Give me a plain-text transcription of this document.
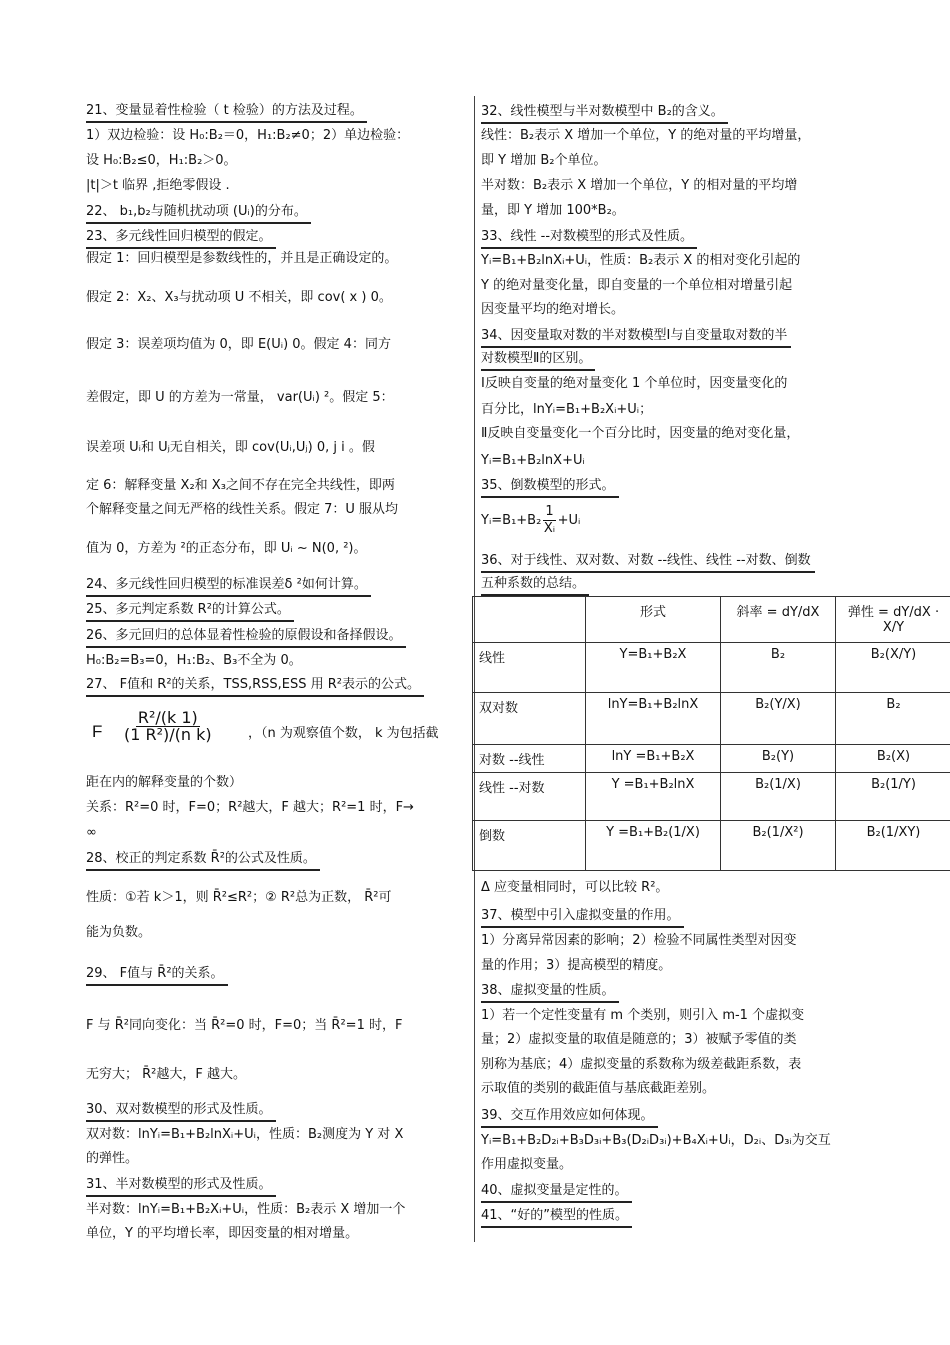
21、变量显着性检验（ t 检验）的方法及过程。
1）双边检验：设 H₀:B₂＝0，H₁:B₂≠0；2）单边检验：
设 H₀:B₂≤0，H₁:B₂＞0。
|t|＞t 临界 ,拒绝零假设 .
22、 b₁,b₂与随机扰动项 (Uᵢ)的分布。
23、多元线性回归模型的假定。
假定 1：回归模型是参数线性的，并且是正确设定的。
假定 2：X₂、X₃与扰动项 U 不相关，即 cov( x ) 0。
假定 3：误差项均值为 0，即 E(Uᵢ) 0。假定 4：同方
差假定，即 U 的方差为一常量， var(Uᵢ) ²。假定 5：
误差项 Uᵢ和 Uⱼ无自相关，即 cov(Uᵢ,Uⱼ) 0, j i 。假
定 6：解释变量 X₂和 X₃之间不存在完全共线性，即两
个解释变量之间无严格的线性关系。假定 7：U 服从均
值为 0，方差为 ²的正态分布，即 Uᵢ ~ N(0, ²)。
24、多元线性回归模型的标准误差δ ²如何计算。
25、多元判定系数 R²的计算公式。
26、多元回归的总体显着性检验的原假设和备择假设。
H₀:B₂=B₃=0，H₁:B₂、B₃不全为 0。
27、 F值和 R²的关系，TSS,RSS,ESS 用 R²表示的公式。
距在内的解释变量的个数）
关系：R²=0 时，F=0；R²越大，F 越大；R²=1 时，F→
∞
28、校正的判定系数 R̄²的公式及性质。
性质：①若 k＞1，则 R̄²≤R²；② R²总为正数， R̄²可
能为负数。
29、 F值与 R̄²的关系。
F 与 R̄²同向变化：当 R̄²=0 时，F=0；当 R̄²=1 时，F
无穷大； R̄²越大，F 越大。
30、双对数模型的形式及性质。
双对数：lnYᵢ=B₁+B₂lnXᵢ+Uᵢ，性质：B₂测度为 Y 对 X
的弹性。
31、半对数模型的形式及性质。
半对数：lnYᵢ=B₁+B₂Xᵢ+Uᵢ，性质：B₂表示 X 增加一个
单位，Y 的平均增长率，即因变量的相对增量。
32、线性模型与半对数模型中 B₂的含义。
线性：B₂表示 X 增加一个单位，Y 的绝对量的平均增量，
即 Y 增加 B₂个单位。
半对数：B₂表示 X 增加一个单位，Y 的相对量的平均增
量，即 Y 增加 100*B₂。
33、线性 --对数模型的形式及性质。
Yᵢ=B₁+B₂lnXᵢ+Uᵢ，性质：B₂表示 X 的相对变化引起的
Y 的绝对量变化量，即自变量的一个单位相对增量引起
因变量平均的绝对增长。
34、因变量取对数的半对数模型Ⅰ与自变量取对数的半
对数模型Ⅱ的区别。
Ⅰ反映自变量的绝对量变化 1 个单位时，因变量变化的
百分比，lnYᵢ=B₁+B₂Xᵢ+Uᵢ；
Ⅱ反映自变量变化一个百分比时，因变量的绝对变化量，
Yᵢ=B₁+B₂lnX+Uᵢ
35、倒数模型的形式。
36、对于线性、双对数、对数 --线性、线性 --对数、倒数
五种系数的总结。
Δ 应变量相同时，可以比较 R²。
37、模型中引入虚拟变量的作用。
1）分离异常因素的影响；2）检验不同属性类型对因变
量的作用；3）提高模型的精度。
38、虚拟变量的性质。
1）若一个定性变量有 m 个类别，则引入 m-1 个虚拟变
量；2）虚拟变量的取值是随意的；3）被赋予零值的类
别称为基底；4）虚拟变量的系数称为级差截距系数，表
示取值的类别的截距值与基底截距差别。
39、交互作用效应如何体现。
Yᵢ=B₁+B₂D₂ᵢ+B₃D₃ᵢ+B₃(D₂ᵢD₃ᵢ)+B₄Xᵢ+Uᵢ，D₂ᵢ、D₃ᵢ为交互
作用虚拟变量。
40、虚拟变量是定性的。
41、“好的”模型的性质。
F $\frac{\text{R²/(k 1)}}{\text{(1 R²)/(n k)}}$	，（n 为观察值个数， k 为包括截
Yᵢ=B₁+B₂ $\frac{1}{\text{Xᵢ}}$ +Uᵢ
	形式	斜率 = dY/dX	弹性 = dY/dX · X/Y
线性	Y=B₁+B₂X	B₂	B₂(X/Y)
双对数	lnY=B₁+B₂lnX	B₂(Y/X)	B₂
对数 --线性	lnY =B₁+B₂X	B₂(Y)	B₂(X)
线性 --对数	Y =B₁+B₂lnX	B₂(1/X)	B₂(1/Y)
倒数	Y =B₁+B₂(1/X)	B₂(1/X²)	B₂(1/XY)
